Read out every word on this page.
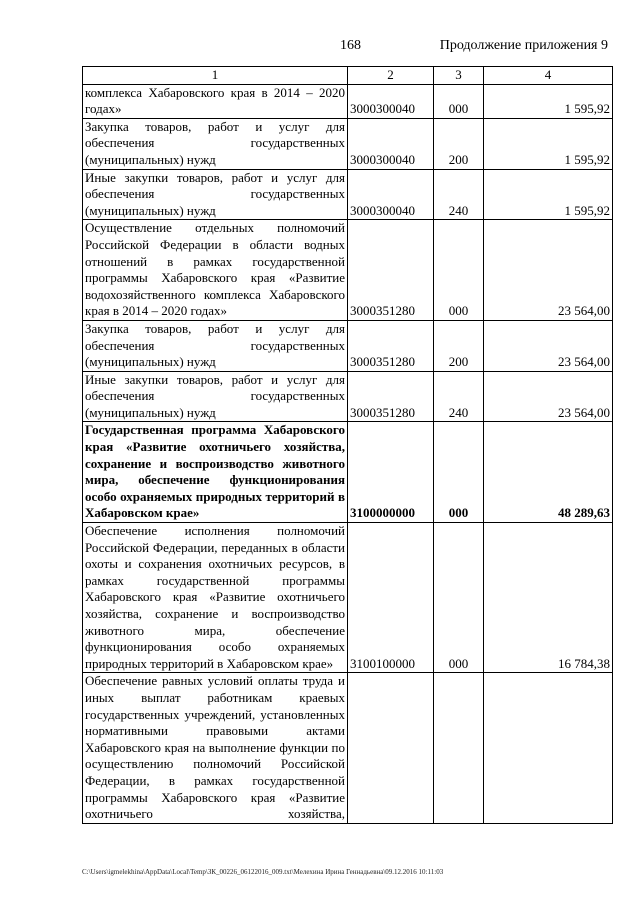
168	Продолжение приложения 9
1	2	3	4
комплекса Хабаровского края в 2014 – 2020 годах»	3000300040	000	1 595,92
Закупка товаров, работ и услуг для обеспечения государственных (муниципальных) нужд	3000300040	200	1 595,92
Иные закупки товаров, работ и услуг для обеспечения государственных (муниципальных) нужд	3000300040	240	1 595,92
Осуществление отдельных полномочий Российской Федерации в области водных отношений в рамках государственной программы Хабаровского края «Развитие водохозяйственного комплекса Хабаровского края в 2014 – 2020 годах»	3000351280	000	23 564,00
Закупка товаров, работ и услуг для обеспечения государственных (муниципальных) нужд	3000351280	200	23 564,00
Иные закупки товаров, работ и услуг для обеспечения государственных (муниципальных) нужд	3000351280	240	23 564,00
Государственная программа Хабаровского края «Развитие охотничьего хозяйства, сохранение и воспроизводство животного мира, обеспечение функционирования особо охраняемых природных территорий в Хабаровском крае»	3100000000	000	48 289,63
Обеспечение исполнения полномочий Российской Федерации, переданных в области охоты и сохранения охотничьих ресурсов, в рамках государственной программы Хабаровского края «Развитие охотничьего хозяйства, сохранение и воспроизводство животного мира, обеспечение функционирования особо охраняемых природных территорий в Хабаровском крае»	3100100000	000	16 784,38
Обеспечение равных условий оплаты труда и иных выплат работникам краевых государственных учреждений, установленных нормативными правовыми актами Хабаровского края на выполнение функции по осуществлению полномочий Российской Федерации, в рамках государственной программы Хабаровского края «Развитие охотничьего хозяйства,			
C:\Users\igmelekhina\AppData\Local\Temp\ЗК_00226_06122016_009.txt\Мелехина Ирина Геннадьевна\09.12.2016 10:11:03
